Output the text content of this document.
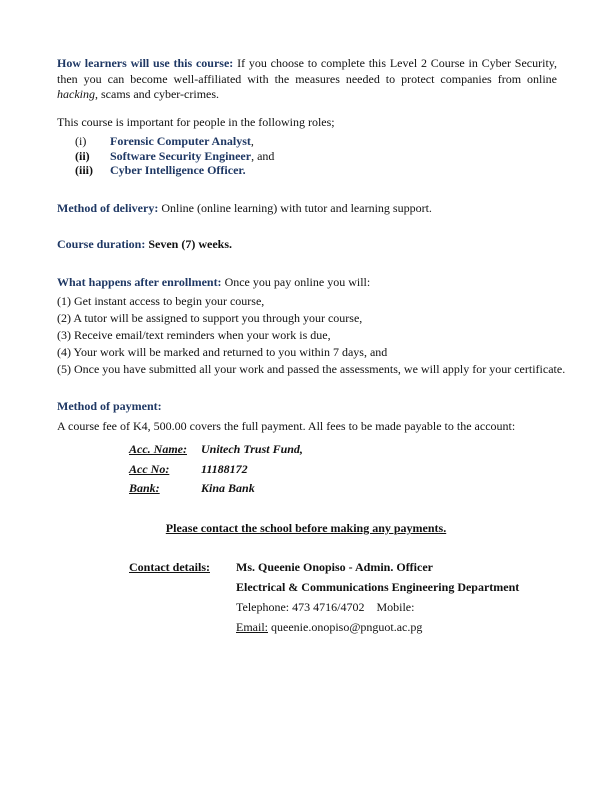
How learners will use this course: If you choose to complete this Level 2 Course in Cyber Security, then you can become well-affiliated with the measures needed to protect companies from online hacking, scams and cyber-crimes.
This course is important for people in the following roles;
(i)	Forensic Computer Analyst,
(ii)	Software Security Engineer, and
(iii)	Cyber Intelligence Officer.
Method of delivery: Online (online learning) with tutor and learning support.
Course duration: Seven (7) weeks.
What happens after enrollment: Once you pay online you will:
(1) Get instant access to begin your course,
(2) A tutor will be assigned to support you through your course,
(3) Receive email/text reminders when your work is due,
(4) Your work will be marked and returned to you within 7 days, and
(5) Once you have submitted all your work and passed the assessments, we will apply for your certificate.
Method of payment:
A course fee of K4, 500.00 covers the full payment. All fees to be made payable to the account:
Acc. Name: Unitech Trust Fund,
Acc No:	11188172
Bank:	Kina Bank
Please contact the school before making any payments.
Contact details: Ms. Queenie Onopiso - Admin. Officer
Electrical & Communications Engineering Department
Telephone: 473 4716/4702    Mobile:
Email: queenie.onopiso@pnguot.ac.pg
